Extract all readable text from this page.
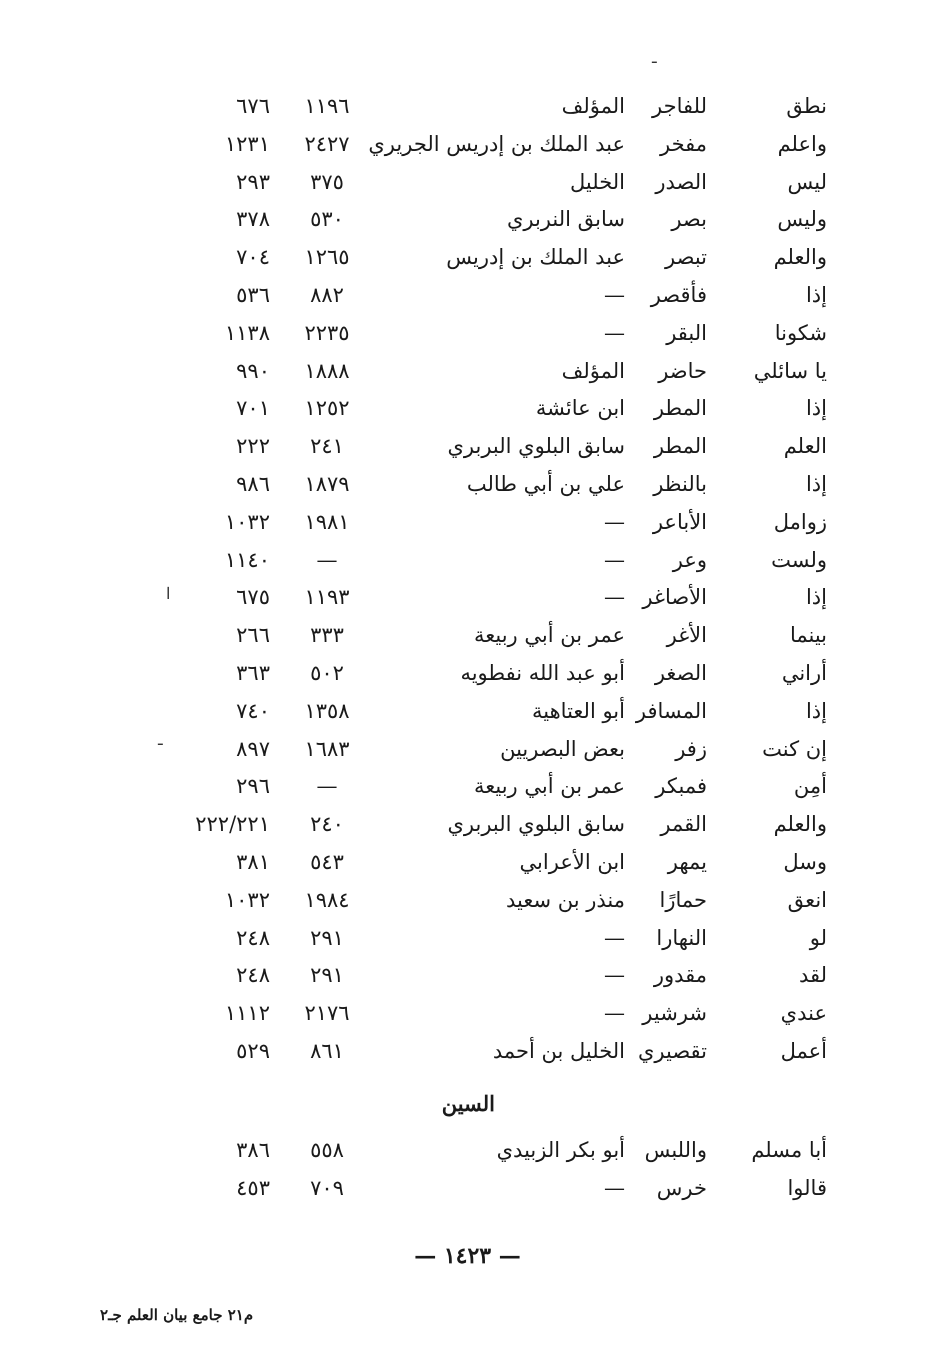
نطق
للفاجر
المؤلف
١١٩٦
٦٧٦
واعلم
مفخر
عبد الملك بن إدريس الجريري
٢٤٢٧
١٢٣١
ليس
الصدر
الخليل
٣٧٥
٢٩٣
وليس
بصر
سابق النربري
٥٣٠
٣٧٨
والعلم
تبصر
عبد الملك بن إدريس
١٢٦٥
٧٠٤
إذا
فأقصر
—
٨٨٢
٥٣٦
شكونا
البقر
—
٢٢٣٥
١١٣٨
يا سائلي
حاضر
المؤلف
١٨٨٨
٩٩٠
إذا
المطر
ابن عائشة
١٢٥٢
٧٠١
العلم
المطر
سابق البلوي البربري
٢٤١
٢٢٢
إذا
بالنظر
علي بن أبي طالب
١٨٧٩
٩٨٦
زوامل
الأباعر
—
١٩٨١
١٠٣٢
ولست
وعر
—
—
١١٤٠
إذا
الأصاغر
—
١١٩٣
٦٧٥
بينما
الأغر
عمر بن أبي ربيعة
٣٣٣
٢٦٦
أراني
الصغر
أبو عبد الله نفطويه
٥٠٢
٣٦٣
إذا
المسافر
أبو العتاهية
١٣٥٨
٧٤٠
إن كنت
زفر
بعض البصريين
١٦٨٣
٨٩٧
أمِن
فمبكر
عمر بن أبي ربيعة
—
٢٩٦
والعلم
القمر
سابق البلوي البربري
٢٤٠
٢٢٢/٢٢١
وسل
يمهر
ابن الأعرابي
٥٤٣
٣٨١
انعق
حمارًا
منذر بن سعيد
١٩٨٤
١٠٣٢
لو
النهارا
—
٢٩١
٢٤٨
لقد
مقدور
—
٢٩١
٢٤٨
عندي
شرشير
—
٢١٧٦
١١١٢
أعمل
تقصيري
الخليل بن أحمد
٨٦١
٥٢٩
السين
أبا مسلم
واللبس
أبو بكر الزبيدي
٥٥٨
٣٨٦
قالوا
خرس
—
٧٠٩
٤٥٣
— ١٤٢٣ —
م٢١ جامع بيان العلم جـ٢
ـ
ا
ـ
